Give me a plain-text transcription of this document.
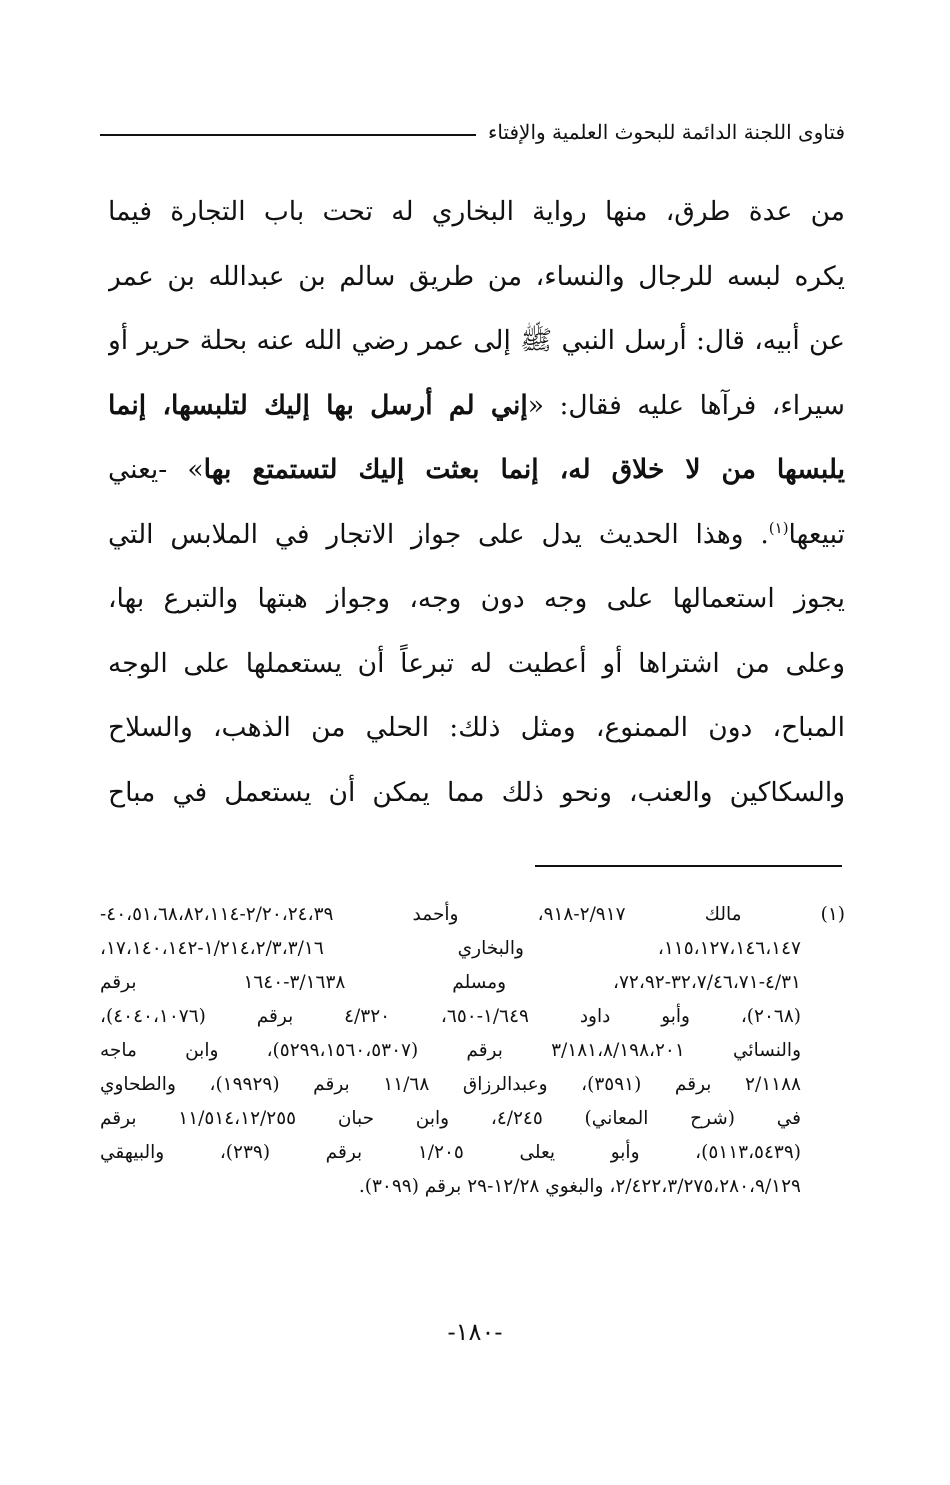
فتاوى اللجنة الدائمة للبحوث العلمية والإفتاء
من عدة طرق، منها رواية البخاري له تحت باب التجارة فيما
يكره لبسه للرجال والنساء، من طريق سالم بن عبدالله بن عمر
عن أبيه، قال: أرسل النبي ﷺ إلى عمر رضي الله عنه بحلة حرير أو
سيراء، فرآها عليه فقال: «إني لم أرسل بها إليك لتلبسها، إنما
يلبسها من لا خلاق له، إنما بعثت إليك لتستمتع بها» -يعني
تبيعها$^{(١)}$. وهذا الحديث يدل على جواز الاتجار في الملابس التي
يجوز استعمالها على وجه دون وجه، وجواز هبتها والتبرع بها،
وعلى من اشتراها أو أعطيت له تبرعاً أن يستعملها على الوجه
المباح، دون الممنوع، ومثل ذلك: الحلي من الذهب، والسلاح
والسكاكين والعنب، ونحو ذلك مما يمكن أن يستعمل في مباح
(١) مالك ٢/٩١٧-٩١٨، وأحمد ٢/٢٠،٢٤،٣٩-٤٠،٥١،٦٨،٨٢،١١٤-
١١٥،١٢٧،١٤٦،١٤٧، والبخاري ١/٢١٤،٢/٣،٣/١٦-١٧،١٤٠،١٤٢،
٤/٣١-٣٢،٧/٤٦،٧١-٧٢،٩٢، ومسلم ٣/١٦٣٨-١٦٤٠ برقم
(٢٠٦٨)، وأبو داود ١/٦٤٩-٦٥٠، ٤/٣٢٠ برقم (٤٠٤٠،١٠٧٦)،
والنسائي ٣/١٨١،٨/١٩٨،٢٠١ برقم (٥٢٩٩،١٥٦٠،٥٣٠٧)، وابن ماجه
٢/١١٨٨ برقم (٣٥٩١)، وعبدالرزاق ١١/٦٨ برقم (١٩٩٢٩)، والطحاوي
في (شرح المعاني) ٤/٢٤٥، وابن حبان ١١/٥١٤،١٢/٢٥٥ برقم
(٥١١٣،٥٤٣٩)، وأبو يعلى ١/٢٠٥ برقم (٢٣٩)، والبيهقي
٢/٤٢٢،٣/٢٧٥،٢٨٠،٩/١٢٩، والبغوي ١٢/٢٨-٢٩ برقم (٣٠٩٩).
-١٨٠-
